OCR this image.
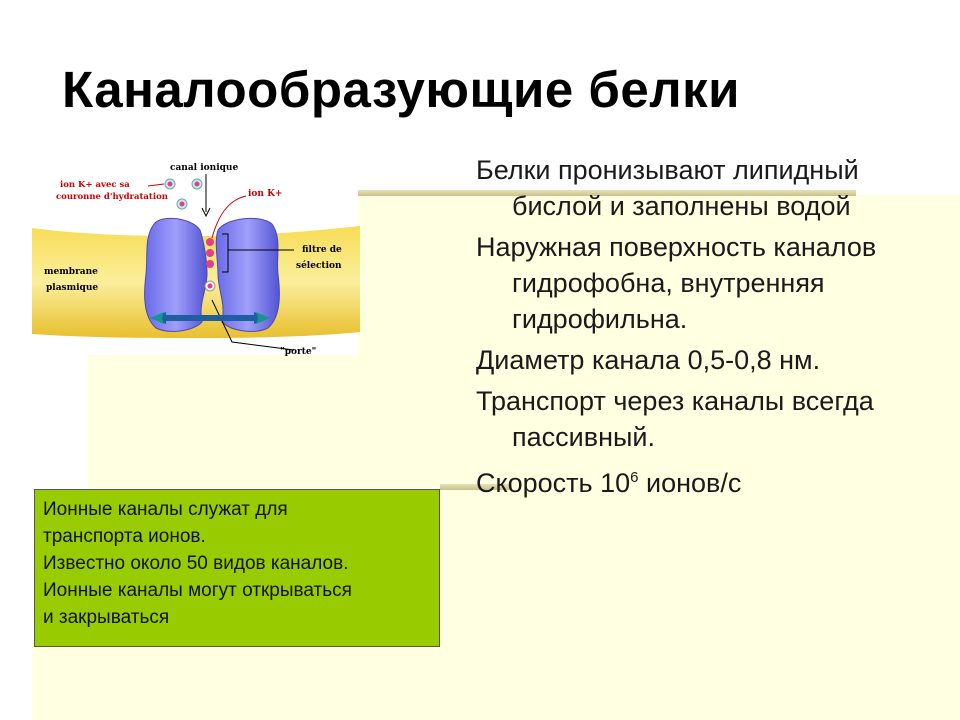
Каналообразующие белки
canal ionique
ion K+ avec sa
couronne d'hydratation	ion K+
filtre de
sélection
membrane
plasmique
"porte"
Белки пронизывают липидный бислой и заполнены водой
Наружная поверхность каналов гидрофобна, внутренняя гидрофильна.
Диаметр канала 0,5-0,8 нм.
Транспорт через каналы всегда пассивный.
Скорость $10^6$ ионов/с
Ионные каналы служат для
транспорта ионов.
Известно около 50 видов каналов.
Ионные каналы могут открываться
и закрываться
